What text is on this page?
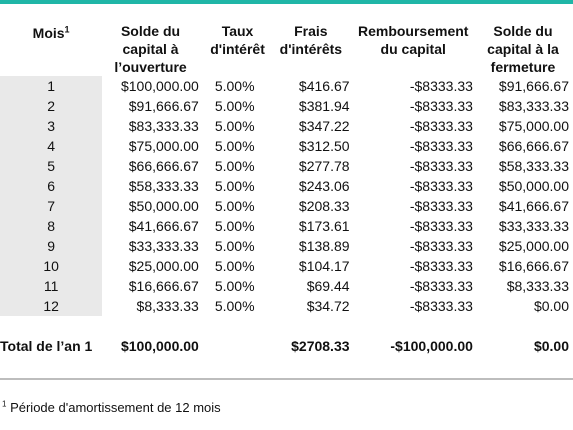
Mois$^1$	Solde du capital à l’ouverture	Taux d'intérêt	Frais d'intérêts	Remboursement du capital	Solde du capital à la fermeture
1	$100,000.00	5.00%	$416.67	-$8333.33	$91,666.67
2	$91,666.67	5.00%	$381.94	-$8333.33	$83,333.33
3	$83,333.33	5.00%	$347.22	-$8333.33	$75,000.00
4	$75,000.00	5.00%	$312.50	-$8333.33	$66,666.67
5	$66,666.67	5.00%	$277.78	-$8333.33	$58,333.33
6	$58,333.33	5.00%	$243.06	-$8333.33	$50,000.00
7	$50,000.00	5.00%	$208.33	-$8333.33	$41,666.67
8	$41,666.67	5.00%	$173.61	-$8333.33	$33,333.33
9	$33,333.33	5.00%	$138.89	-$8333.33	$25,000.00
10	$25,000.00	5.00%	$104.17	-$8333.33	$16,666.67
11	$16,666.67	5.00%	$69.44	-$8333.33	$8,333.33
12	$8,333.33	5.00%	$34.72	-$8333.33	$0.00

Total de l’an 1	$100,000.00		$2708.33	-$100,000.00	$0.00
$^1$ Période d'amortissement de 12 mois
